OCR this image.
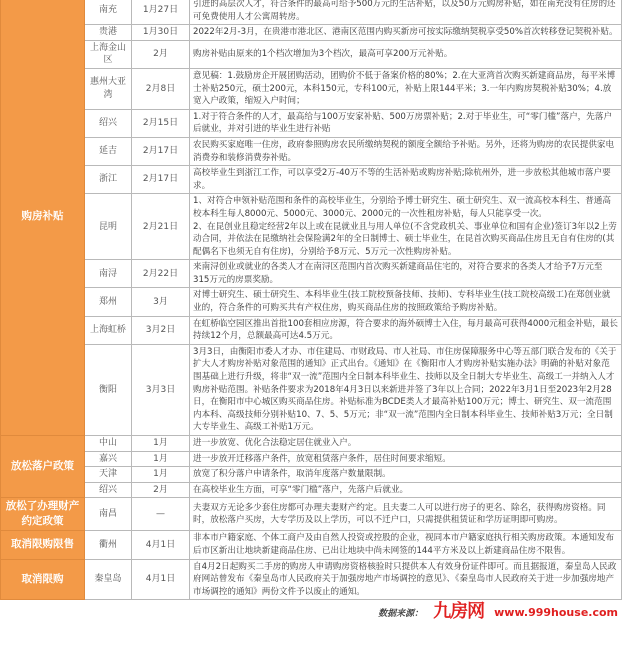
购房补贴	南充	1月27日	引进的高层次人才，符合条件的最高可给予500万元的生活补贴，以及50万元购房补贴，如在南充没有住房的还可免费使用人才公寓周转房。
	贵港	1月30日	2022年2月-3月，在贵港市港北区、港南区范围内购买新房可按实际缴纳契税享受50%首次转移登记契税补贴。
	上海金山区	2月	购房补贴由原来的1个档次增加为3个档次，最高可享200万元补贴。
	惠州大亚湾	2月8日	意见稿：1.鼓励房企开展团购活动，团购价不低于备案价格的80%；2.在大亚湾首次购买新建商品房，每平米博士补贴250元，硕士200元，本科150元，专科100元，补贴上限144平米；3.一年内购房契税补贴30%；4.放宽入户政策，缩短入户时间；
	绍兴	2月15日	1.对于符合条件的人才，最高给与100万安家补贴、500万房票补贴；2.对于毕业生，可“零门槛”落户，先落户后就业，并对引进的毕业生进行补贴
	延吉	2月17日	农民购买家庭唯一住房，政府参照购房农民所缴纳契税的额度全额给予补贴。另外，还将为购房的农民提供家电消费券和装修消费券补贴。
	浙江	2月17日	高校毕业生到浙江工作，可以享受2万-40万不等的生活补贴或购房补贴;除杭州外，进一步放松其他城市落户要求。
	昆明	2月21日	1、对符合申领补贴范围和条件的高校毕业生，分别给予博士研究生、硕士研究生、双一流高校本科生、普通高校本科生每人8000元、5000元、3000元、2000元的一次性租房补贴，每人只能享受一次。
2、在昆创业且稳定经营2年以上或在昆就业且与用人单位(不含党政机关、事业单位和国有企业)签订3年以2上劳动合同，并依法在昆缴纳社会保险满2年的全日制博士、硕士毕业生，在昆首次购买商品住房且无自有住房的(其配偶名下也须无自有住房)，分别给予8万元、5万元一次性购房补贴。
	南浔	2月22日	来南浔创业或就业的各类人才在南浔区范围内首次购买新建商品住宅的，对符合要求的各类人才给予7万元至315万元的房票奖励。
	郑州	3月	对博士研究生、硕士研究生、本科毕业生(技工院校预备技师、技师)、专科毕业生(技工院校高级工)在郑创业就业的，符合条件的可购买共有产权住房，购买商品住房的按照政策给予购房补贴。
	上海虹桥	3月2日	在虹桥临空园区推出首批100套相应房源，符合要求的海外硕博士入住，每月最高可获得4000元租金补贴，最长持续12个月，总额最高可达4.5万元。
	衡阳	3月3日	3月3日，由衡阳市委人才办、市住建局、市财政局、市人社局、市住房保障服务中心等五部门联合发布的《关于扩大人才购房补贴对象范围的通知》正式出台。《通知》在《衡阳市人才购房补贴实施办法》明确的补贴对象范围基础上进行升级，将非“双一流”范围内全日制本科毕业生、技师以及全日制大专毕业生、高级工一并纳入人才购房补贴范围。补贴条件要求为2018年4月3日以来新进并签了3年以上合同；2022年3月1日至2023年2月28日，在衡阳市中心城区购买商品住房。补贴标准为BCDE类人才最高补贴100万元；博士、研究生、双一流范围内本科、高级技师分别补贴10、7、5、5万元；非“双一流”范围内全日制本科毕业生、技师补贴3万元；全日制大专毕业生、高级工补贴1万元。
放松落户政策	中山	1月	进一步放宽、优化合法稳定居住就业入户。
	嘉兴	1月	进一步放开迁移落户条件，放宽租赁落户条件，居住时间要求缩短。
	天津	1月	放宽了积分落户申请条件，取消年度落户数量限制。
	绍兴	2月	在高校毕业生方面，可享“零门槛”落户，先落户后就业。
放松了办理财产约定政策	南昌	—	夫妻双方无论多少套住房都可办理夫妻财产约定。且夫妻二人可以进行房子的更名、除名，获得购房资格。同时，放松落户买房，大专学历及以上学历，可以不迁户口，只需提供租赁证和学历证明即可购房。
取消限购限售	衢州	4月1日	非本市户籍家庭、个体工商户及由自然人投资或控股的企业，视同本市户籍家庭执行相关购房政策。本通知发布后市区新出让地块新建商品住房、已出让地块中尚未网签的144平方米及以上新建商品住房不限售。
取消限购	秦皇岛	4月1日	自4月2日起购买二手房的购房人申请购房资格核验时只提供本人有效身份证件即可。而且据报道，秦皇岛人民政府网站曾发布《秦皇岛市人民政府关于加强房地产市场调控的意见》、《秦皇岛市人民政府关于进一步加强房地产市场调控的通知》两份文件予以废止的通知。
数据来源： 九房网 www.999house.com
